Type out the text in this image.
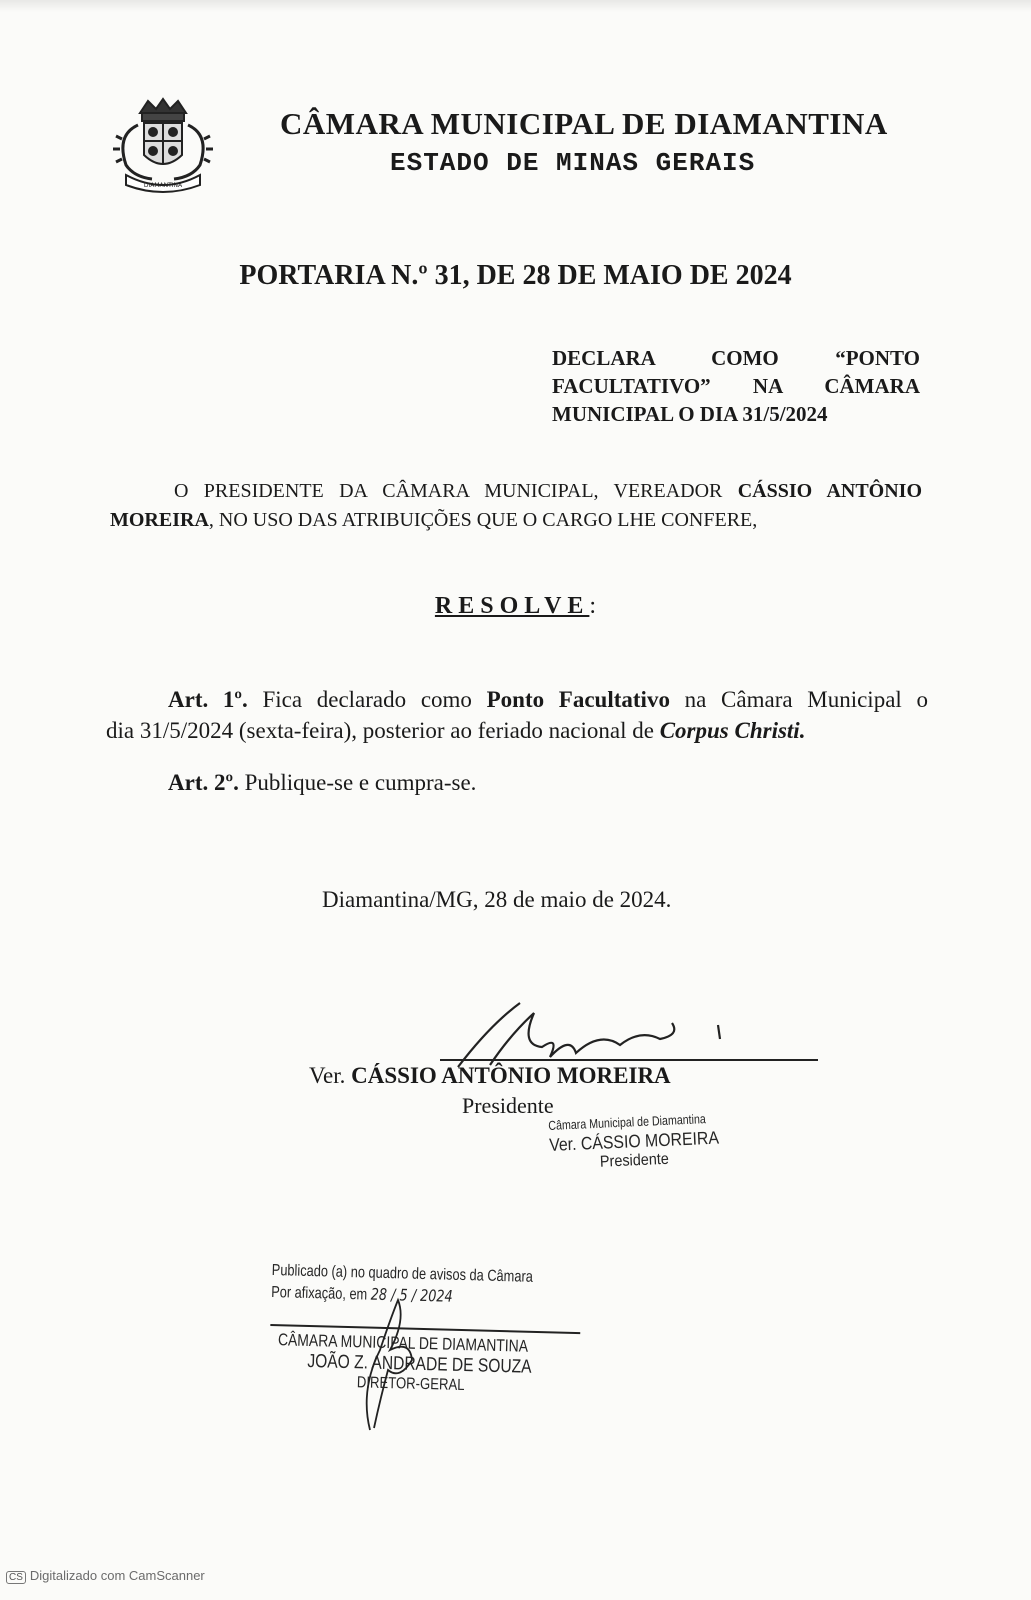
DIAMANTINA
CÂMARA MUNICIPAL DE DIAMANTINA
ESTADO DE MINAS GERAIS
PORTARIA N.º 31, DE 28 DE MAIO DE 2024
DECLARA COMO “PONTO
FACULTATIVO” NA CÂMARA
MUNICIPAL O DIA 31/5/2024
O PRESIDENTE DA CÂMARA MUNICIPAL, VEREADOR CÁSSIO ANTÔNIO
MOREIRA, NO USO DAS ATRIBUIÇÕES QUE O CARGO LHE CONFERE,
RESOLVE:
Art. 1º. Fica declarado como Ponto Facultativo na Câmara Municipal o
dia 31/5/2024 (sexta-feira), posterior ao feriado nacional de Corpus Christi.
Art. 2º. Publique-se e cumpra-se.
Diamantina/MG, 28 de maio de 2024.
Ver. CÁSSIO ANTÔNIO MOREIRA
Presidente
Câmara Municipal de Diamantina
Ver. CÁSSIO MOREIRA
Presidente
Publicado (a) no quadro de avisos da Câmara
Por afixação, em 28 / 5 / 2024
CÂMARA MUNICIPAL DE DIAMANTINA
JOÃO Z. ANDRADE DE SOUZA
DIRETOR-GERAL
CS Digitalizado com CamScanner
